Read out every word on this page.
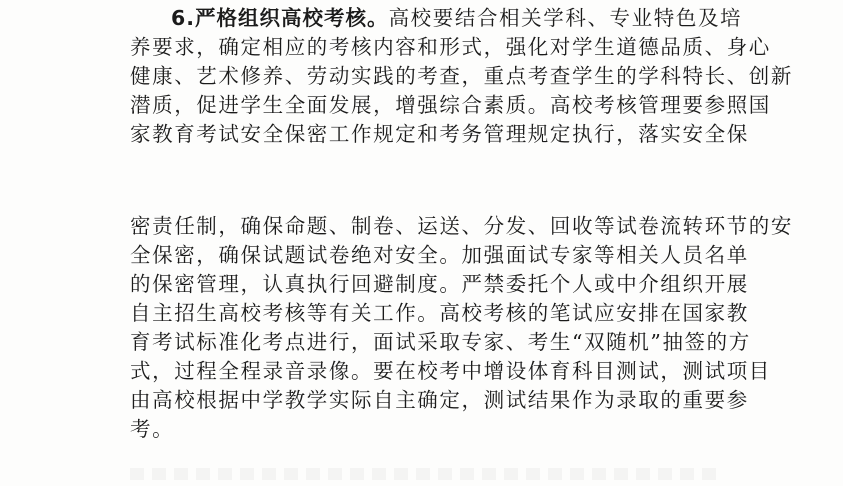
6.严格组织高校考核。高校要结合相关学科、专业特色及培
养要求，确定相应的考核内容和形式，强化对学生道德品质、身心
健康、艺术修养、劳动实践的考查，重点考查学生的学科特长、创新
潜质，促进学生全面发展，增强综合素质。高校考核管理要参照国
家教育考试安全保密工作规定和考务管理规定执行，落实安全保
密责任制，确保命题、制卷、运送、分发、回收等试卷流转环节的安
全保密，确保试题试卷绝对安全。加强面试专家等相关人员名单
的保密管理，认真执行回避制度。严禁委托个人或中介组织开展
自主招生高校考核等有关工作。高校考核的笔试应安排在国家教
育考试标准化考点进行，面试采取专家、考生“双随机”抽签的方
式，过程全程录音录像。要在校考中增设体育科目测试，测试项目
由高校根据中学教学实际自主确定，测试结果作为录取的重要参
考。
